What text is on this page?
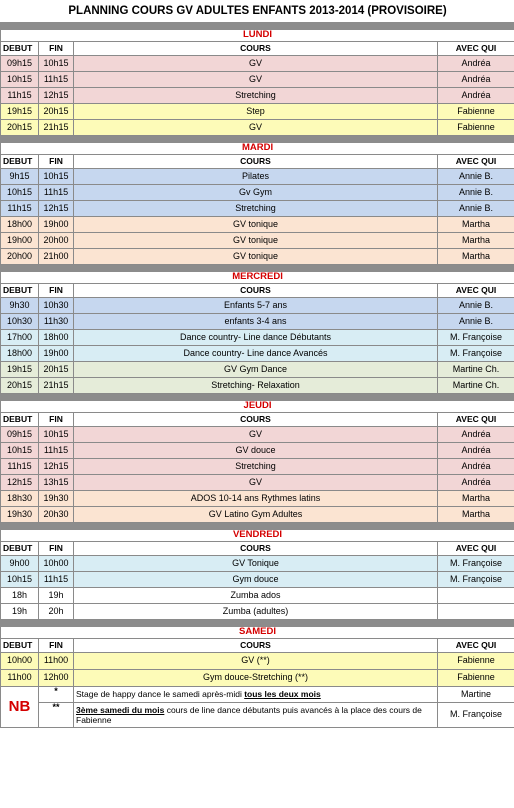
PLANNING COURS GV ADULTES ENFANTS 2013-2014 (PROVISOIRE)			

LUNDI			
DEBUT	FIN	COURS	AVEC QUI
09h15	10h15	GV	Andréa
10h15	11h15	GV	Andréa
11h15	12h15	Stretching	Andréa
19h15	20h15	Step	Fabienne
20h15	21h15	GV	Fabienne

MARDI			
DEBUT	FIN	COURS	AVEC QUI
9h15	10h15	Pilates	Annie B.
10h15	11h15	Gv Gym	Annie B.
11h15	12h15	Stretching	Annie B.
18h00	19h00	GV tonique	Martha
19h00	20h00	GV tonique	Martha
20h00	21h00	GV tonique	Martha

MERCREDI			
DEBUT	FIN	COURS	AVEC QUI
9h30	10h30	Enfants 5-7 ans	Annie B.
10h30	11h30	enfants 3-4 ans	Annie B.
17h00	18h00	Dance country- Line dance Débutants	M. Françoise
18h00	19h00	Dance country- Line dance Avancés	M. Françoise
19h15	20h15	GV Gym Dance	Martine Ch.
20h15	21h15	Stretching- Relaxation	Martine Ch.

JEUDI			
DEBUT	FIN	COURS	AVEC QUI
09h15	10h15	GV	Andréa
10h15	11h15	GV douce	Andréa
11h15	12h15	Stretching	Andréa
12h15	13h15	GV	Andréa
18h30	19h30	ADOS 10-14 ans Rythmes latins	Martha
19h30	20h30	GV Latino Gym Adultes	Martha

VENDREDI			
DEBUT	FIN	COURS	AVEC QUI
9h00	10h00	GV Tonique	M. Françoise
10h15	11h15	Gym douce	M. Françoise
18h	19h	Zumba ados	
19h	20h	Zumba (adultes)	

SAMEDI			
DEBUT	FIN	COURS	AVEC QUI
10h00	11h00	GV (**)	Fabienne
11h00	12h00	Gym douce-Stretching (**)	Fabienne
NB	*	Stage de happy dance le samedi après-midi tous les deux mois	Martine
	**	3ème samedi du mois cours de line dance débutants puis avancés à la place des cours de Fabienne	M. Françoise
